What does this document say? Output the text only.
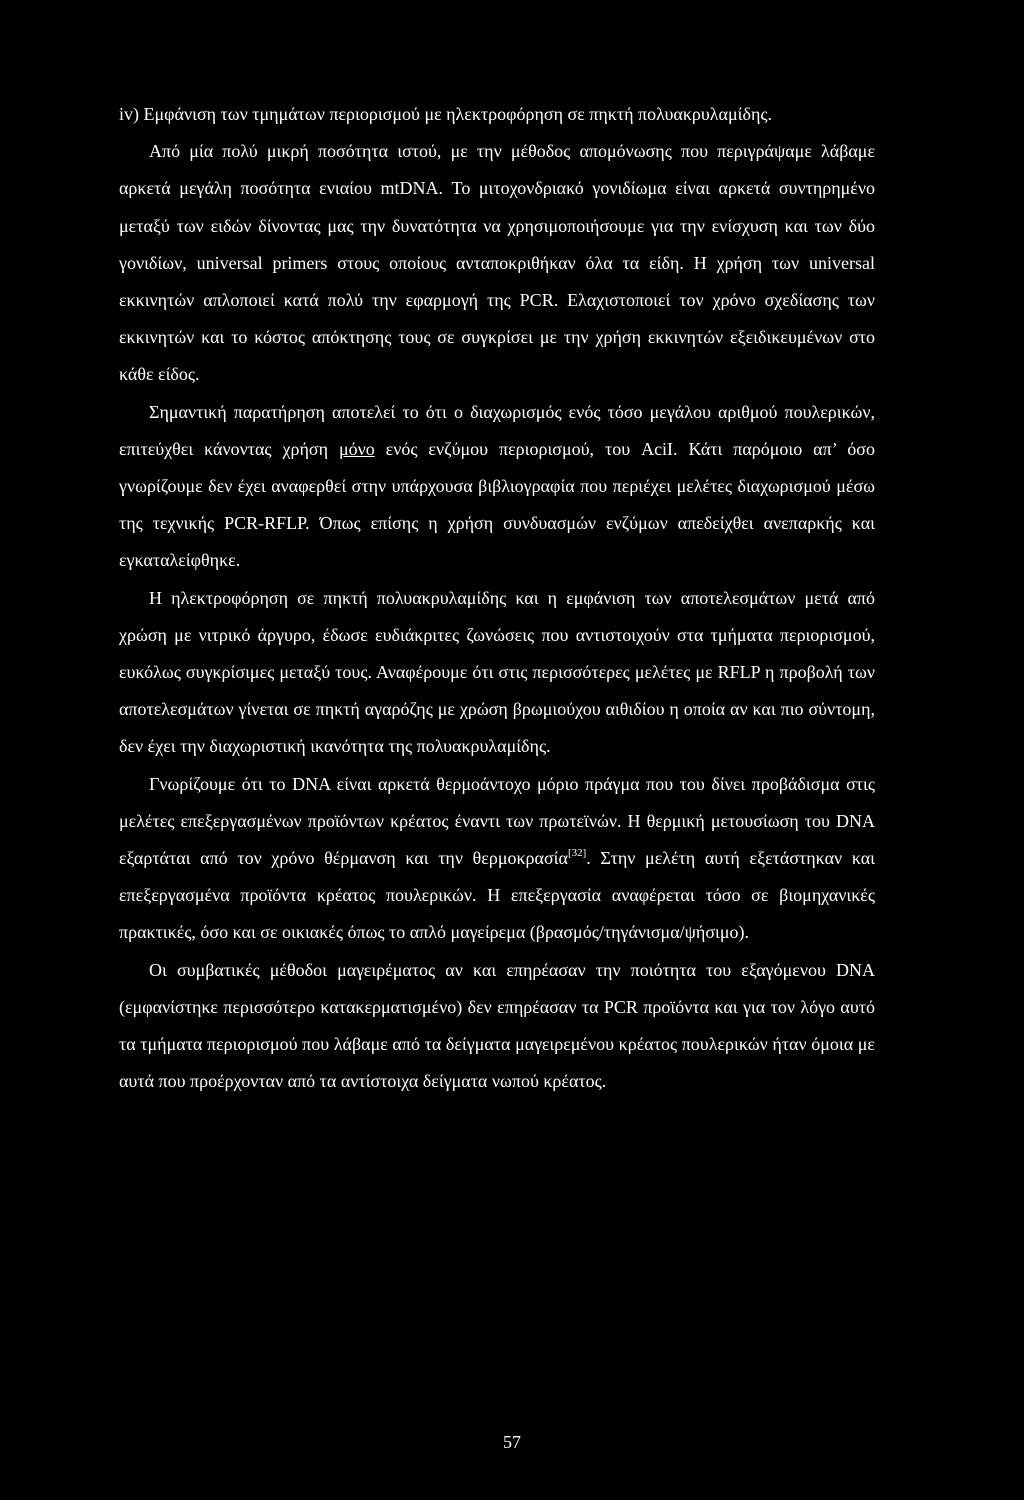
iv) Εμφάνιση των τμημάτων περιορισμού με ηλεκτροφόρηση σε πηκτή πολυακρυλαμίδης.

Από μία πολύ μικρή ποσότητα ιστού, με την μέθοδος απομόνωσης που περιγράψαμε λάβαμε αρκετά μεγάλη ποσότητα ενιαίου mtDNA. Το μιτοχονδριακό γονιδίωμα είναι αρκετά συντηρημένο μεταξύ των ειδών δίνοντας μας την δυνατότητα να χρησιμοποιήσουμε για την ενίσχυση και των δύο γονιδίων, universal primers στους οποίους ανταποκριθήκαν όλα τα είδη. Η χρήση των universal εκκινητών απλοποιεί κατά πολύ την εφαρμογή της PCR. Ελαχιστοποιεί τον χρόνο σχεδίασης των εκκινητών και το κόστος απόκτησης τους σε συγκρίσει με την χρήση εκκινητών εξειδικευμένων στο κάθε είδος.

Σημαντική παρατήρηση αποτελεί το ότι ο διαχωρισμός ενός τόσο μεγάλου αριθμού πουλερικών, επιτεύχθει κάνοντας χρήση μόνο ενός ενζύμου περιορισμού, του AciI. Κάτι παρόμοιο απ’ όσο γνωρίζουμε δεν έχει αναφερθεί στην υπάρχουσα βιβλιογραφία που περιέχει μελέτες διαχωρισμού μέσω της τεχνικής PCR-RFLP. Όπως επίσης η χρήση συνδυασμών ενζύμων απεδείχθει ανεπαρκής και εγκαταλείφθηκε.

Η ηλεκτροφόρηση σε πηκτή πολυακρυλαμίδης και η εμφάνιση των αποτελεσμάτων μετά από χρώση με νιτρικό άργυρο, έδωσε ευδιάκριτες ζωνώσεις που αντιστοιχούν στα τμήματα περιορισμού, ευκόλως συγκρίσιμες μεταξύ τους. Αναφέρουμε ότι στις περισσότερες μελέτες με RFLP η προβολή των αποτελεσμάτων γίνεται σε πηκτή αγαρόζης με χρώση βρωμιούχου αιθιδίου η οποία αν και πιο σύντομη, δεν έχει την διαχωριστική ικανότητα της πολυακρυλαμίδης.

Γνωρίζουμε ότι το DNA είναι αρκετά θερμοάντοχο μόριο πράγμα που του δίνει προβάδισμα στις μελέτες επεξεργασμένων προϊόντων κρέατος έναντι των πρωτεϊνών. Η θερμική μετουσίωση του DNA εξαρτάται από τον χρόνο θέρμανση και την θερμοκρασία[32]. Στην μελέτη αυτή εξετάστηκαν και επεξεργασμένα προϊόντα κρέατος πουλερικών. Η επεξεργασία αναφέρεται τόσο σε βιομηχανικές πρακτικές, όσο και σε οικιακές όπως το απλό μαγείρεμα (βρασμός/τηγάνισμα/ψήσιμο).

Οι συμβατικές μέθοδοι μαγειρέματος αν και επηρέασαν την ποιότητα του εξαγόμενου DNA (εμφανίστηκε περισσότερο κατακερματισμένο) δεν επηρέασαν τα PCR προϊόντα και για τον λόγο αυτό τα τμήματα περιορισμού που λάβαμε από τα δείγματα μαγειρεμένου κρέατος πουλερικών ήταν όμοια με αυτά που προέρχονταν από τα αντίστοιχα δείγματα νωπού κρέατος.

57
